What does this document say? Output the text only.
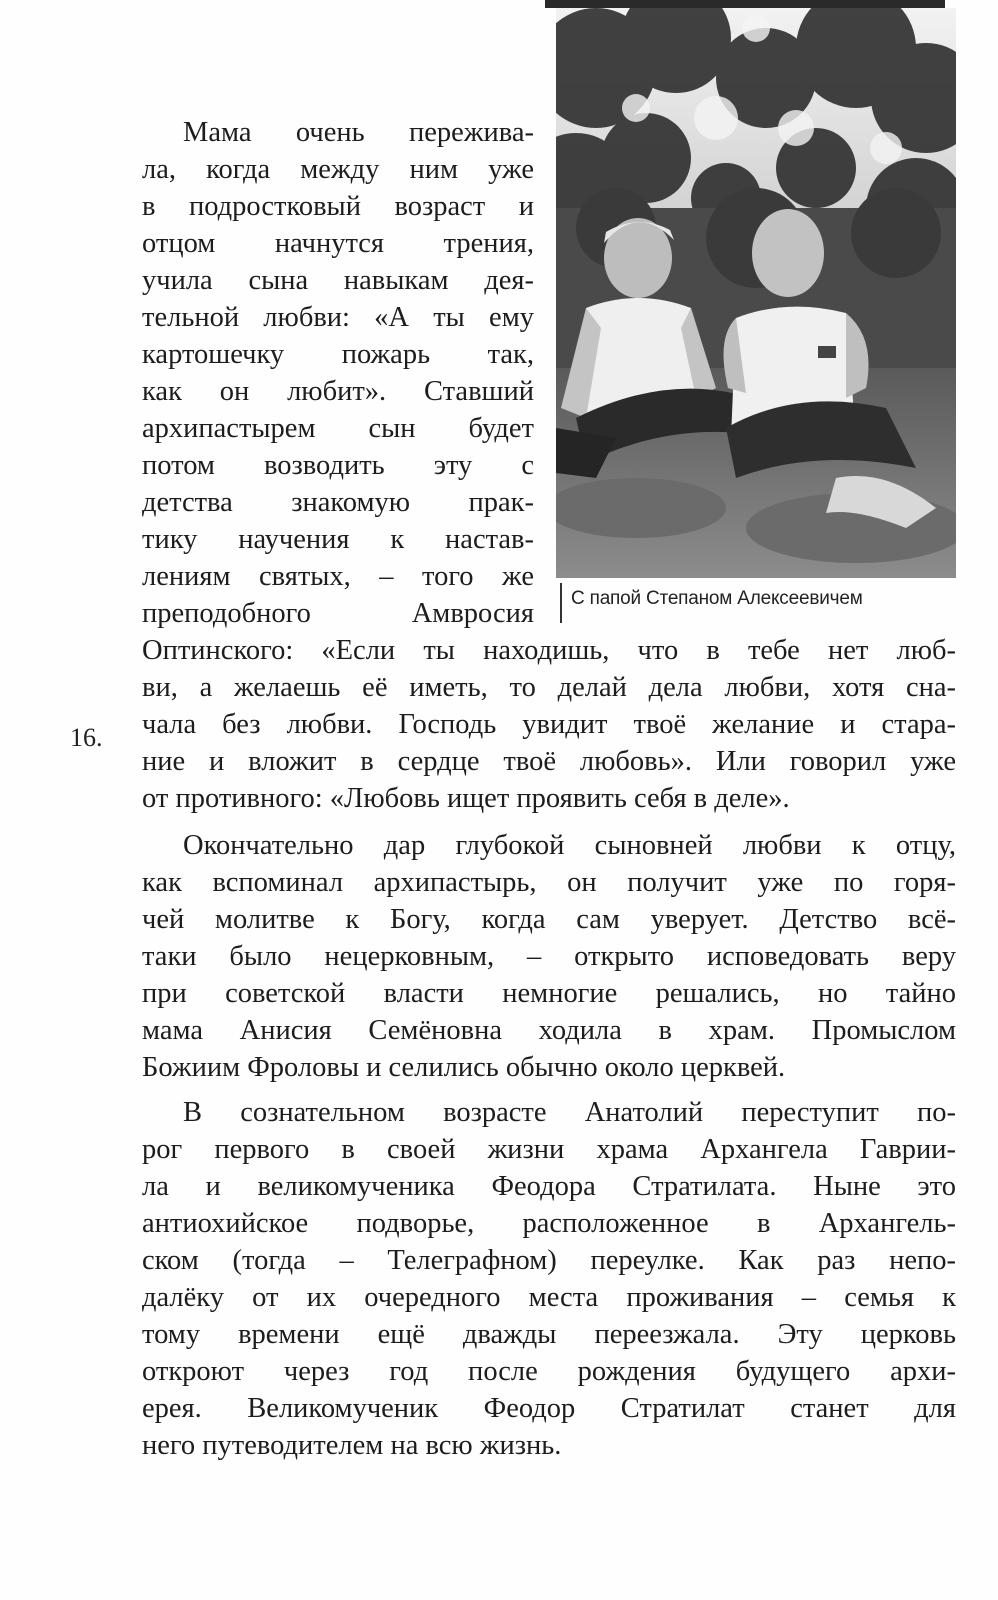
С папой Степаном Алексеевичем
16.
Мама очень пережива-
ла, когда между ним уже
в подростковый возраст и
отцом начнутся трения,
учила сына навыкам дея-
тельной любви: «А ты ему
картошечку пожарь так,
как он любит». Ставший
архипастырем сын будет
потом возводить эту с
детства знакомую прак-
тику научения к настав-
лениям святых, – того же
преподобного Амвросия
Оптинского: «Если ты находишь, что в тебе нет люб-
ви, а желаешь её иметь, то делай дела любви, хотя сна-
чала без любви. Господь увидит твоё желание и стара-
ние и вложит в сердце твоё любовь». Или говорил уже
от противного: «Любовь ищет проявить себя в деле».
Окончательно дар глубокой сыновней любви к отцу,
как вспоминал архипастырь, он получит уже по горя-
чей молитве к Богу, когда сам уверует. Детство всё-
таки было нецерковным, – открыто исповедовать веру
при советской власти немногие решались, но тайно
мама Анисия Семёновна ходила в храм. Промыслом
Божиим Фроловы и селились обычно около церквей.
В сознательном возрасте Анатолий переступит по-
рог первого в своей жизни храма Архангела Гаврии-
ла и великомученика Феодора Стратилата. Ныне это
антиохийское подворье, расположенное в Архангель-
ском (тогда – Телеграфном) переулке. Как раз непо-
далёку от их очередного места проживания – семья к
тому времени ещё дважды переезжала. Эту церковь
откроют через год после рождения будущего архи-
ерея. Великомученик Феодор Стратилат станет для
него путеводителем на всю жизнь.
